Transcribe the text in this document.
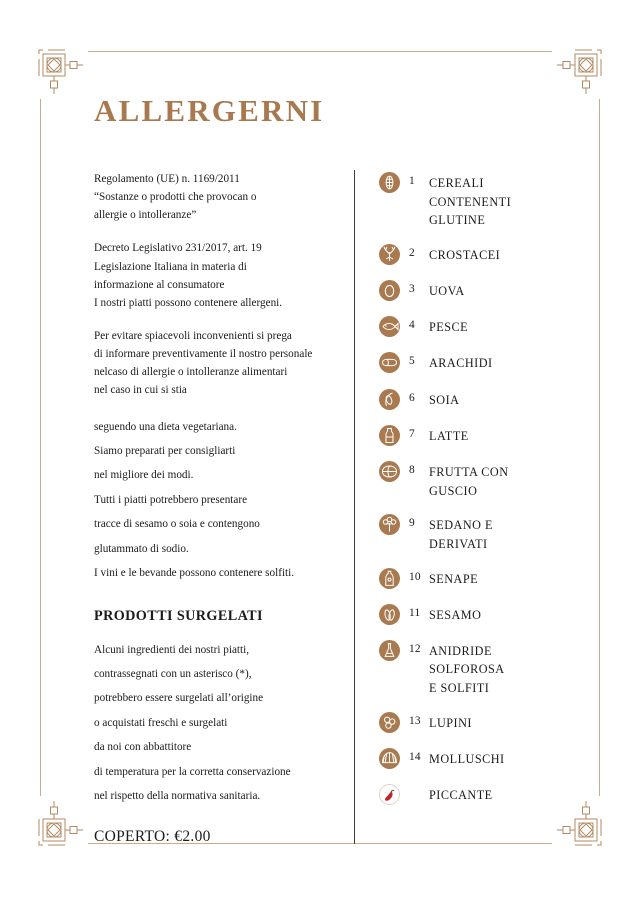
ALLERGERNI

Regolamento (UE) n. 1169/2011
“Sostanze o prodotti che provocan o
allergie o intolleranze”

Decreto Legislativo 231/2017, art. 19
Legislazione Italiana in materia di
informazione al consumatore
I nostri piatti possono contenere allergeni.

Per evitare spiacevoli inconvenienti si prega
di informare preventivamente il nostro personale
nelcaso di allergie o intolleranze alimentari
nel caso in cui si stia

seguendo una dieta vegetariana.
Siamo preparati per consigliarti
nel migliore dei modi.
Tutti i piatti potrebbero presentare
tracce di sesamo o soia e contengono
glutammato di sodio.
I vini e le bevande possono contenere solfiti.

PRODOTTI SURGELATI

Alcuni ingredienti dei nostri piatti,
contrassegnati con un asterisco (*),
potrebbero essere surgelati all’origine
o acquistati freschi e surgelati
da noi con abbattitore
di temperatura per la corretta conservazione
nel rispetto della normativa sanitaria.

COPERTO: €2.00
1	CEREALI CONTENENTI
GLUTINE
2	CROSTACEI
3	UOVA
4	PESCE
5	ARACHIDI
6	SOIA
7	LATTE
8	FRUTTA CON GUSCIO
9	SEDANO E DERIVATI
10 SENAPE
11 SESAMO
12 ANIDRIDE SOLFOROSA
E SOLFITI
13 LUPINI
14 MOLLUSCHI
PICCANTE
